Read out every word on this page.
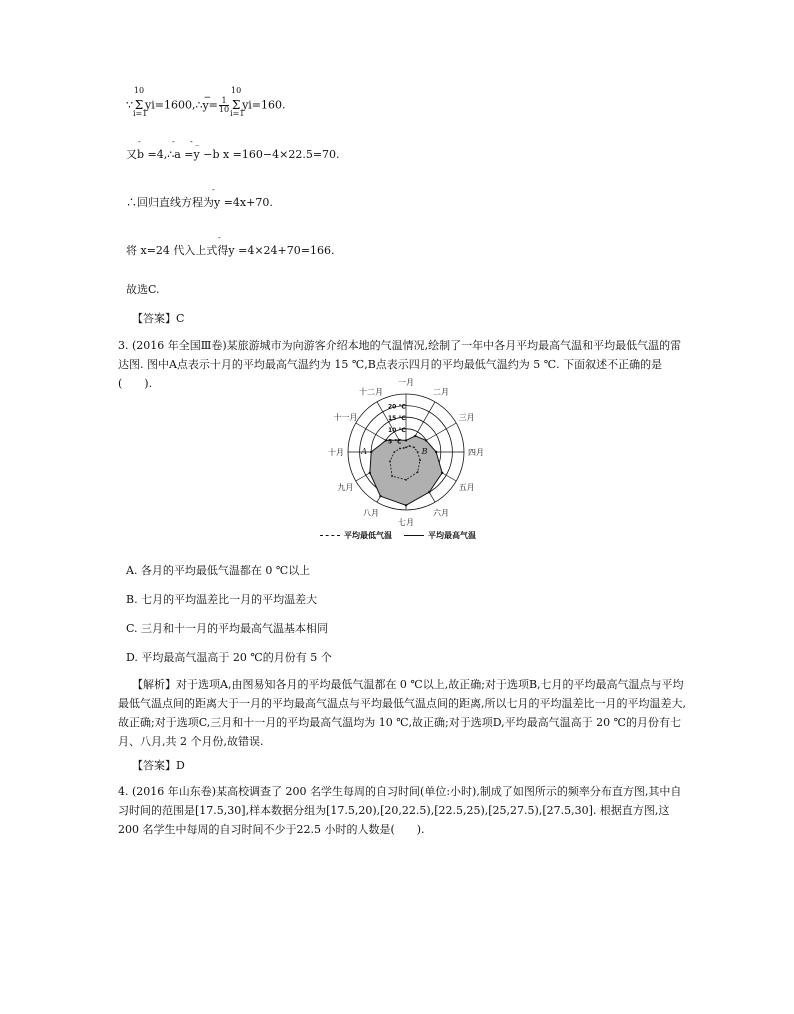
∵
10
Σ
i=1
yi=1600,∴
−
$y= \frac{1}{10}$
10
Σ
i=1
yi=160.
-	- - _
又b =4,∴a =y −b x =160−4×22.5=70.
-
∴回归直线方程为y =4x+70.
-
将 x=24 代入上式得y =4×24+70=166.
故选C.
【答案】C
3. (2016 年全国Ⅲ卷)某旅游城市为向游客介绍本地的气温情况,绘制了一年中各月平均最高气温和平均最低气温的雷达图. 图中A点表示十月的平均最高气温约为 15 ℃,B点表示四月的平均最低气温约为 5 ℃. 下面叙述不正确的是(　　).
5 ℃
10 ℃
15 ℃
20 ℃
一月
二月
三月
四月
五月
六月
七月
八月
九月
十月
十一月
十二月
A	B
平均最低气温	平均最高气温
A. 各月的平均最低气温都在 0 ℃以上
B. 七月的平均温差比一月的平均温差大
C. 三月和十一月的平均最高气温基本相同
D. 平均最高气温高于 20 ℃的月份有 5 个
【解析】对于选项A,由图易知各月的平均最低气温都在 0 ℃以上,故正确;对于选项B,七月的平均最高气温点与平均最低气温点间的距离大于一月的平均最高气温点与平均最低气温点间的距离,所以七月的平均温差比一月的平均温差大,故正确;对于选项C,三月和十一月的平均最高气温均为 10 ℃,故正确;对于选项D,平均最高气温高于 20 ℃的月份有七月、八月,共 2 个月份,故错误.
【答案】D
4. (2016 年山东卷)某高校调查了 200 名学生每周的自习时间(单位:小时),制成了如图所示的频率分布直方图,其中自习时间的范围是[17.5,30],样本数据分组为[17.5,20),[20,22.5),[22.5,25),[25,27.5),[27.5,30]. 根据直方图,这 200 名学生中每周的自习时间不少于22.5 小时的人数是(　　).
